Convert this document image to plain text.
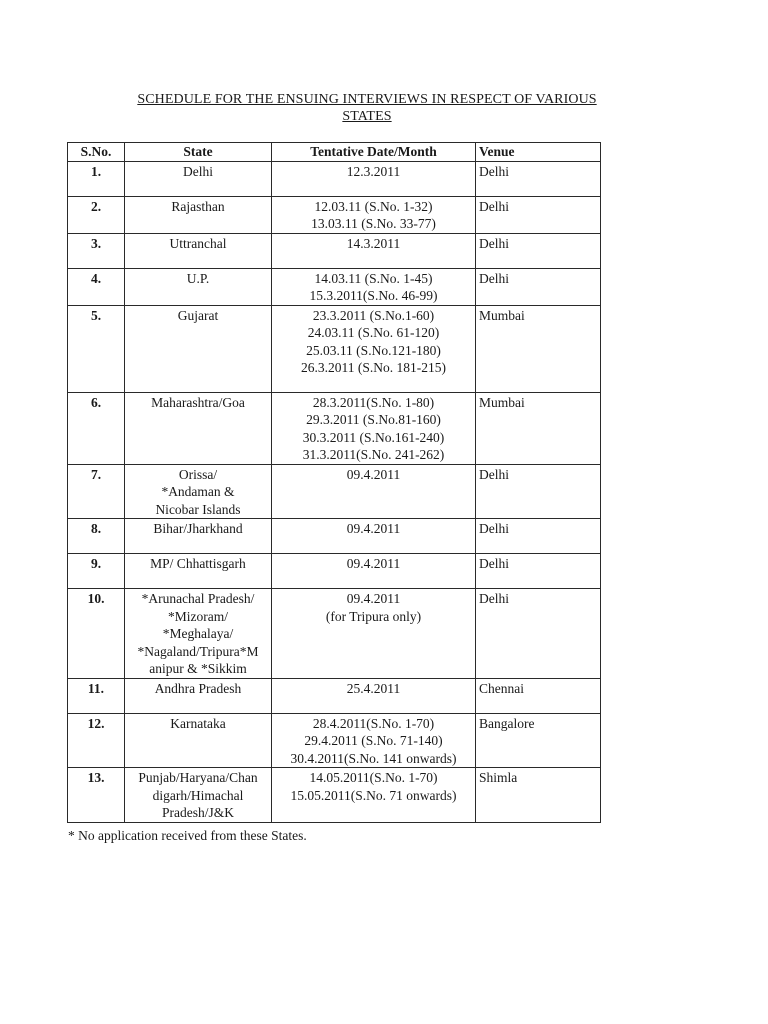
SCHEDULE FOR THE ENSUING INTERVIEWS IN RESPECT OF VARIOUS
STATES
S.No.	State	Tentative Date/Month	Venue
1.	Delhi	12.3.2011	Delhi
2.	Rajasthan	12.03.11 (S.No. 1-32)
13.03.11 (S.No. 33-77)	Delhi
3.	Uttranchal	14.3.2011	Delhi
4.	U.P.	14.03.11 (S.No. 1-45)
15.3.2011(S.No. 46-99)	Delhi
5.	Gujarat	23.3.2011 (S.No.1-60)
24.03.11 (S.No. 61-120)
25.03.11 (S.No.121-180)
26.3.2011 (S.No. 181-215)	Mumbai
6.	Maharashtra/Goa	28.3.2011(S.No. 1-80)
29.3.2011 (S.No.81-160)
30.3.2011 (S.No.161-240)
31.3.2011(S.No. 241-262)	Mumbai
7.	Orissa/
*Andaman &
Nicobar Islands	09.4.2011	Delhi
8.	Bihar/Jharkhand	09.4.2011	Delhi
9.	MP/ Chhattisgarh	09.4.2011	Delhi
10.	*Arunachal Pradesh/
*Mizoram/
*Meghalaya/
*Nagaland/Tripura*M
anipur & *Sikkim	09.4.2011
(for Tripura only)	Delhi
11.	Andhra Pradesh	25.4.2011	Chennai
12.	Karnataka	28.4.2011(S.No. 1-70)
29.4.2011 (S.No. 71-140)
30.4.2011(S.No. 141 onwards)	Bangalore
13.	Punjab/Haryana/Chan
digarh/Himachal
Pradesh/J&K	14.05.2011(S.No. 1-70)
15.05.2011(S.No. 71 onwards)	Shimla
* No application received from these States.
